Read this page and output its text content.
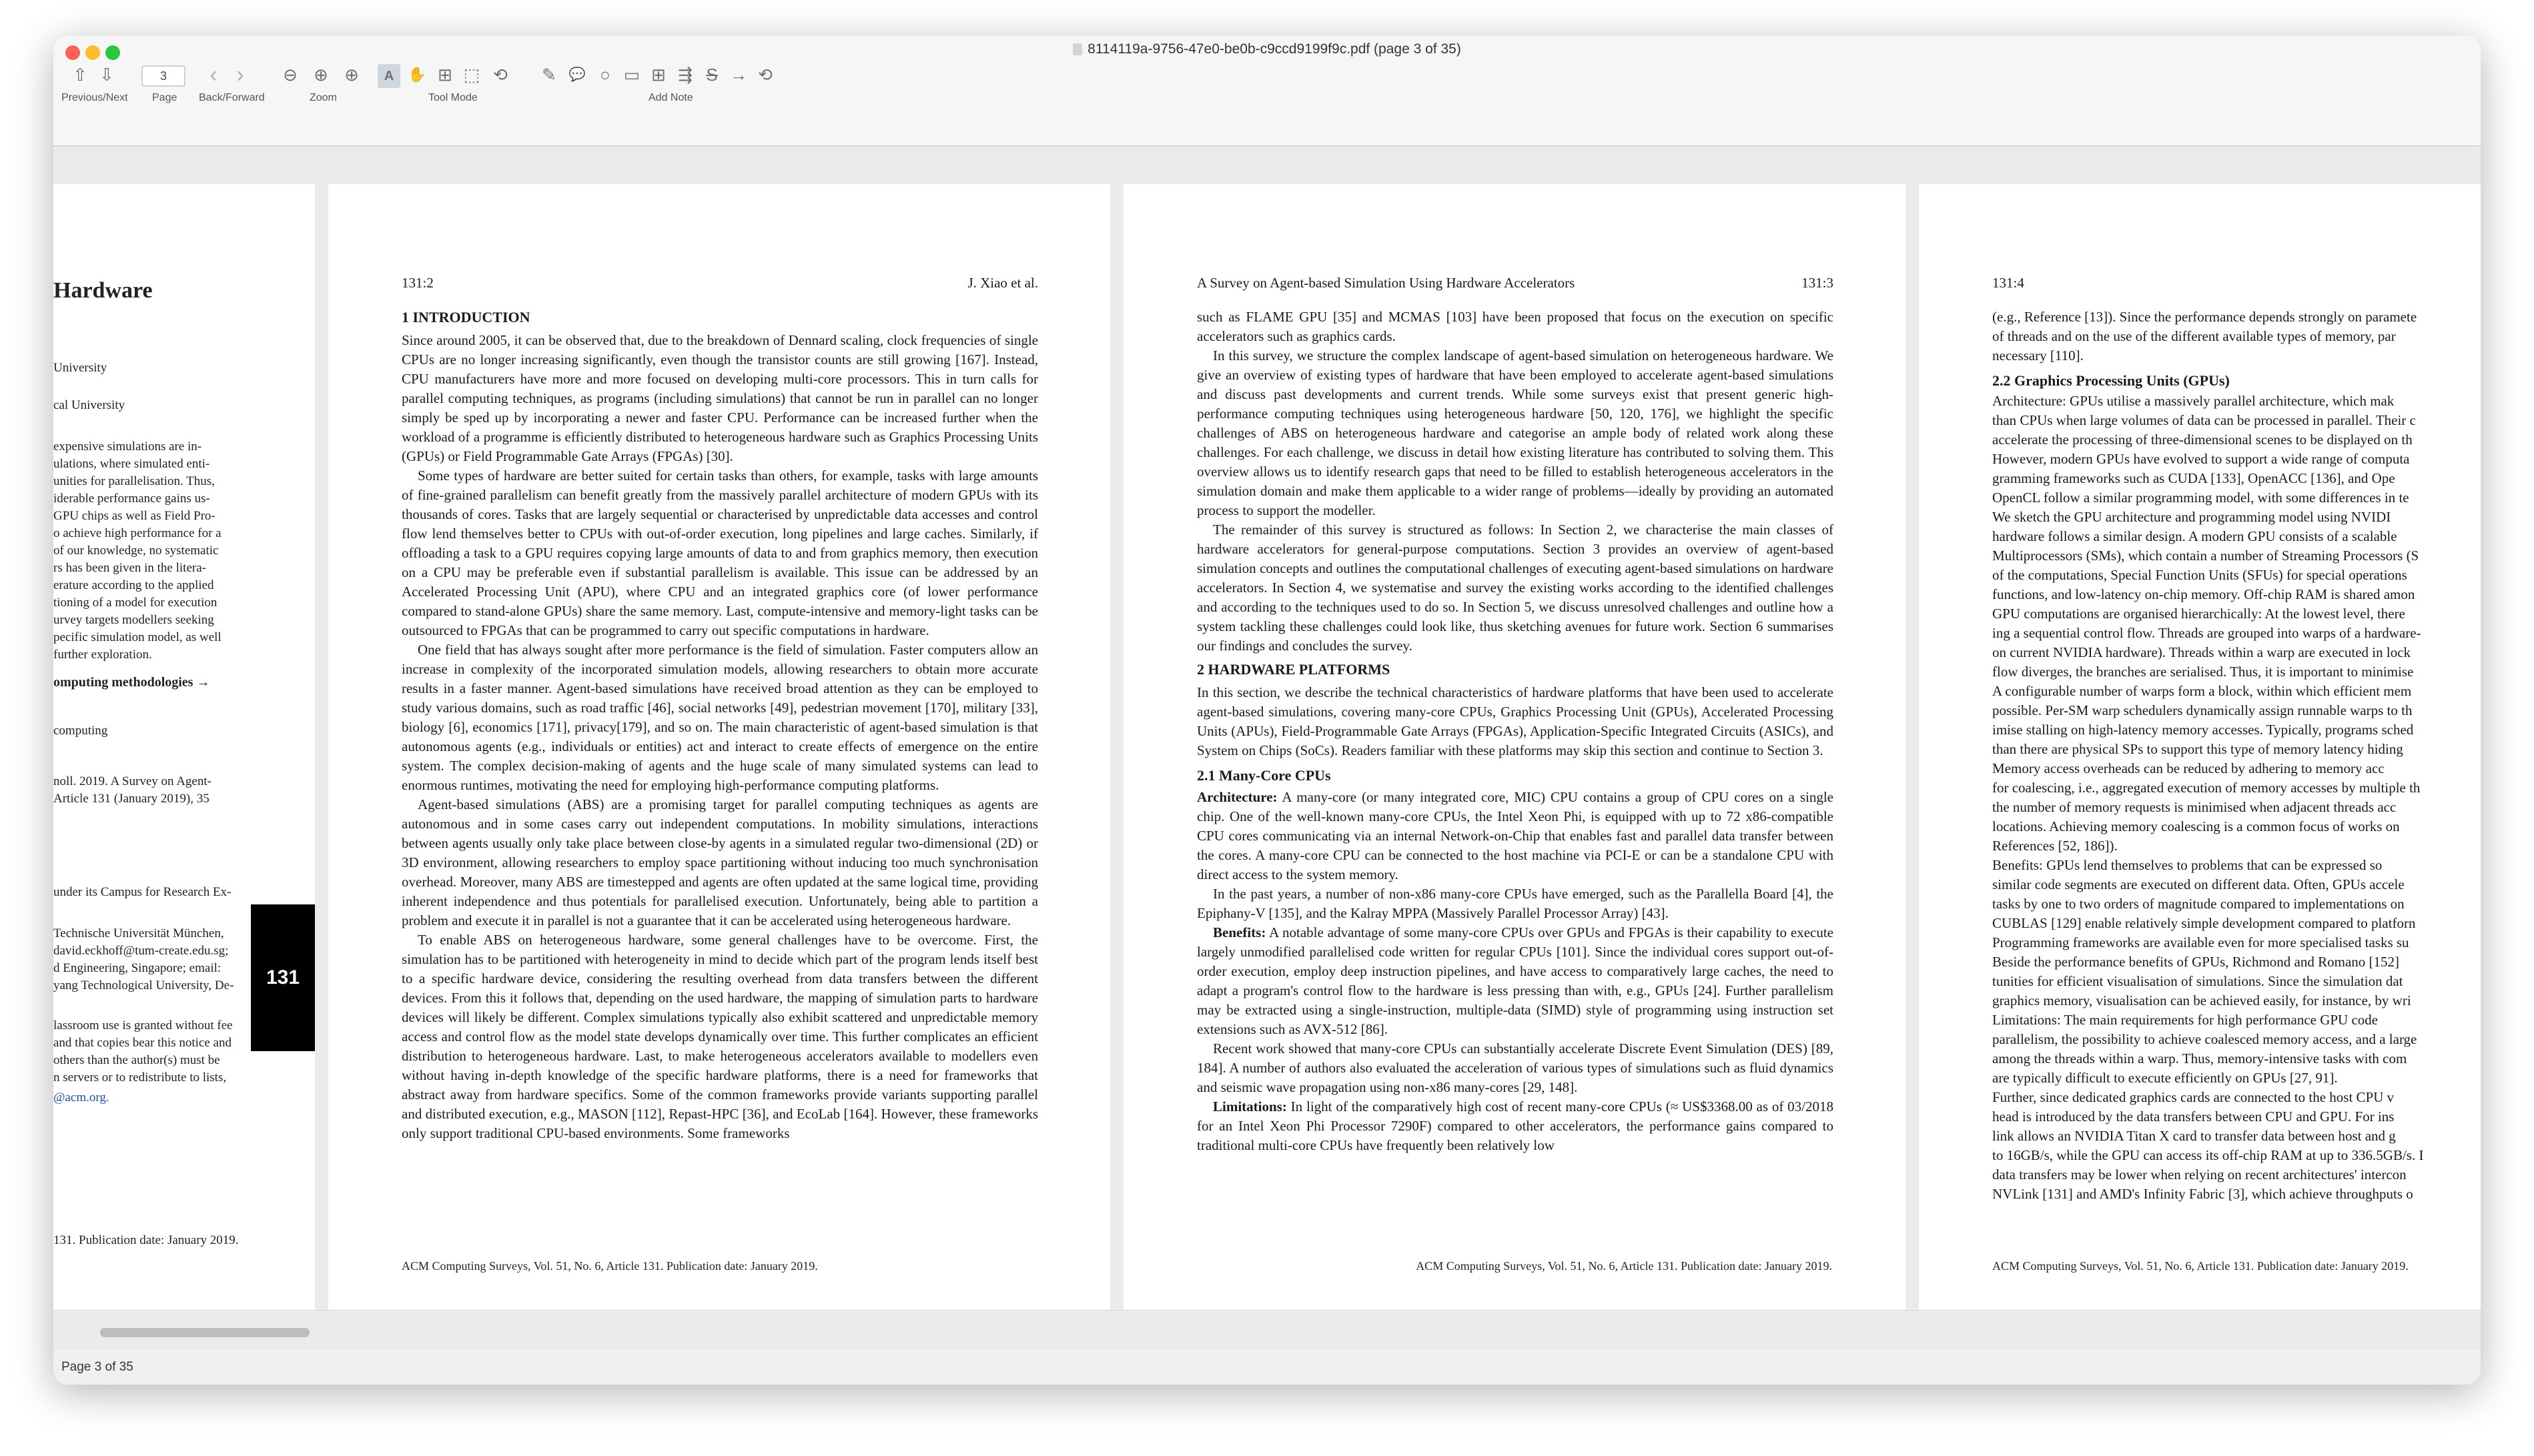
8114119a-9756-47e0-be0b-c9ccd9199f9c.pdf (page 3 of 35)
⇧ ⇩	3	‹ ›	⊖ ⊕ ⊕	A ✋ ⊞ ⬚ ⟲ ✎ 💬 ○ ▭ ⊞ ⇶ S → ⟲
Previous/Next Page Back/Forward	Zoom	Tool Mode	Add Note
Hardware
University
cal University
expensive simulations are in-
ulations, where simulated enti-
unities for parallelisation. Thus,
iderable performance gains us-
GPU chips as well as Field Pro-
o achieve high performance for a
of our knowledge, no systematic
rs has been given in the litera-
erature according to the applied
tioning of a model for execution
urvey targets modellers seeking
pecific simulation model, as well
further exploration.
omputing methodologies →
computing
noll. 2019. A Survey on Agent-
Article 131 (January 2019), 35
under its Campus for Research Ex-
Technische Universität München,
david.eckhoff@tum-create.edu.sg;
d Engineering, Singapore; email:
yang Technological University, De-
lassroom use is granted without fee
and that copies bear this notice and
others than the author(s) must be
n servers or to redistribute to lists,
@acm.org.
131. Publication date: January 2019.
131
131:2	J. Xiao et al.
1 INTRODUCTION

Since around 2005, it can be observed that, due to the breakdown of Dennard scaling, clock frequencies of single CPUs are no longer increasing significantly, even though the transistor counts are still growing [167]. Instead, CPU manufacturers have more and more focused on developing multi-core processors. This in turn calls for parallel computing techniques, as programs (including simulations) that cannot be run in parallel can no longer simply be sped up by incorporating a newer and faster CPU. Performance can be increased further when the workload of a programme is efficiently distributed to heterogeneous hardware such as Graphics Processing Units (GPUs) or Field Programmable Gate Arrays (FPGAs) [30].

Some types of hardware are better suited for certain tasks than others, for example, tasks with large amounts of fine-grained parallelism can benefit greatly from the massively parallel architecture of modern GPUs with its thousands of cores. Tasks that are largely sequential or characterised by unpredictable data accesses and control flow lend themselves better to CPUs with out-of-order execution, long pipelines and large caches. Similarly, if offloading a task to a GPU requires copying large amounts of data to and from graphics memory, then execution on a CPU may be preferable even if substantial parallelism is available. This issue can be addressed by an Accelerated Processing Unit (APU), where CPU and an integrated graphics core (of lower performance compared to stand-alone GPUs) share the same memory. Last, compute-intensive and memory-light tasks can be outsourced to FPGAs that can be programmed to carry out specific computations in hardware.

One field that has always sought after more performance is the field of simulation. Faster computers allow an increase in complexity of the incorporated simulation models, allowing researchers to obtain more accurate results in a faster manner. Agent-based simulations have received broad attention as they can be employed to study various domains, such as road traffic [46], social networks [49], pedestrian movement [170], military [33], biology [6], economics [171], privacy[179], and so on. The main characteristic of agent-based simulation is that autonomous agents (e.g., individuals or entities) act and interact to create effects of emergence on the entire system. The complex decision-making of agents and the huge scale of many simulated systems can lead to enormous runtimes, motivating the need for employing high-performance computing platforms.

Agent-based simulations (ABS) are a promising target for parallel computing techniques as agents are autonomous and in some cases carry out independent computations. In mobility simulations, interactions between agents usually only take place between close-by agents in a simulated regular two-dimensional (2D) or 3D environment, allowing researchers to employ space partitioning without inducing too much synchronisation overhead. Moreover, many ABS are timestepped and agents are often updated at the same logical time, providing inherent independence and thus potentials for parallelised execution. Unfortunately, being able to partition a problem and execute it in parallel is not a guarantee that it can be accelerated using heterogeneous hardware.

To enable ABS on heterogeneous hardware, some general challenges have to be overcome. First, the simulation has to be partitioned with heterogeneity in mind to decide which part of the program lends itself best to a specific hardware device, considering the resulting overhead from data transfers between the different devices. From this it follows that, depending on the used hardware, the mapping of simulation parts to hardware devices will likely be different. Complex simulations typically also exhibit scattered and unpredictable memory access and control flow as the model state develops dynamically over time. This further complicates an efficient distribution to heterogeneous hardware. Last, to make heterogeneous accelerators available to modellers even without having in-depth knowledge of the specific hardware platforms, there is a need for frameworks that abstract away from hardware specifics. Some of the common frameworks provide variants supporting parallel and distributed execution, e.g., MASON [112], Repast-HPC [36], and EcoLab [164]. However, these frameworks only support traditional CPU-based environments. Some frameworks

ACM Computing Surveys, Vol. 51, No. 6, Article 131. Publication date: January 2019.
A Survey on Agent-based Simulation Using Hardware Accelerators	131:3

such as FLAME GPU [35] and MCMAS [103] have been proposed that focus on the execution on specific accelerators such as graphics cards.

In this survey, we structure the complex landscape of agent-based simulation on heterogeneous hardware. We give an overview of existing types of hardware that have been employed to accelerate agent-based simulations and discuss past developments and current trends. While some surveys exist that present generic high-performance computing techniques using heterogeneous hardware [50, 120, 176], we highlight the specific challenges of ABS on heterogeneous hardware and categorise an ample body of related work along these challenges. For each challenge, we discuss in detail how existing literature has contributed to solving them. This overview allows us to identify research gaps that need to be filled to establish heterogeneous accelerators in the simulation domain and make them applicable to a wider range of problems—ideally by providing an automated process to support the modeller.

The remainder of this survey is structured as follows: In Section 2, we characterise the main classes of hardware accelerators for general-purpose computations. Section 3 provides an overview of agent-based simulation concepts and outlines the computational challenges of executing agent-based simulations on hardware accelerators. In Section 4, we systematise and survey the existing works according to the identified challenges and according to the techniques used to do so. In Section 5, we discuss unresolved challenges and outline how a system tackling these challenges could look like, thus sketching avenues for future work. Section 6 summarises our findings and concludes the survey.

2 HARDWARE PLATFORMS

In this section, we describe the technical characteristics of hardware platforms that have been used to accelerate agent-based simulations, covering many-core CPUs, Graphics Processing Unit (GPUs), Accelerated Processing Units (APUs), Field-Programmable Gate Arrays (FPGAs), Application-Specific Integrated Circuits (ASICs), and System on Chips (SoCs). Readers familiar with these platforms may skip this section and continue to Section 3.

2.1 Many-Core CPUs

Architecture: A many-core (or many integrated core, MIC) CPU contains a group of CPU cores on a single chip. One of the well-known many-core CPUs, the Intel Xeon Phi, is equipped with up to 72 x86-compatible CPU cores communicating via an internal Network-on-Chip that enables fast and parallel data transfer between the cores. A many-core CPU can be connected to the host machine via PCI-E or can be a standalone CPU with direct access to the system memory.

In the past years, a number of non-x86 many-core CPUs have emerged, such as the Parallella Board [4], the Epiphany-V [135], and the Kalray MPPA (Massively Parallel Processor Array) [43].

Benefits: A notable advantage of some many-core CPUs over GPUs and FPGAs is their capability to execute largely unmodified parallelised code written for regular CPUs [101]. Since the individual cores support out-of-order execution, employ deep instruction pipelines, and have access to comparatively large caches, the need to adapt a program's control flow to the hardware is less pressing than with, e.g., GPUs [24]. Further parallelism may be extracted using a single-instruction, multiple-data (SIMD) style of programming using instruction set extensions such as AVX-512 [86].

Recent work showed that many-core CPUs can substantially accelerate Discrete Event Simulation (DES) [89, 184]. A number of authors also evaluated the acceleration of various types of simulations such as fluid dynamics and seismic wave propagation using non-x86 many-cores [29, 148].

Limitations: In light of the comparatively high cost of recent many-core CPUs (≈ US$3368.00 as of 03/2018 for an Intel Xeon Phi Processor 7290F) compared to other accelerators, the performance gains compared to traditional multi-core CPUs have frequently been relatively low

ACM Computing Surveys, Vol. 51, No. 6, Article 131. Publication date: January 2019.
131:4
(e.g., Reference [13]). Since the performance depends strongly on paramete
of threads and on the use of the different available types of memory, par
necessary [110].
2.2 Graphics Processing Units (GPUs)
Architecture: GPUs utilise a massively parallel architecture, which mak
than CPUs when large volumes of data can be processed in parallel. Their c
accelerate the processing of three-dimensional scenes to be displayed on th
However, modern GPUs have evolved to support a wide range of computa
gramming frameworks such as CUDA [133], OpenACC [136], and Ope
OpenCL follow a similar programming model, with some differences in te
We sketch the GPU architecture and programming model using NVIDI
hardware follows a similar design. A modern GPU consists of a scalable
Multiprocessors (SMs), which contain a number of Streaming Processors (S
of the computations, Special Function Units (SFUs) for special operations
functions, and low-latency on-chip memory. Off-chip RAM is shared amon
GPU computations are organised hierarchically: At the lowest level, there
ing a sequential control flow. Threads are grouped into warps of a hardware-
on current NVIDIA hardware). Threads within a warp are executed in lock
flow diverges, the branches are serialised. Thus, it is important to minimise
A configurable number of warps form a block, within which efficient mem
possible. Per-SM warp schedulers dynamically assign runnable warps to th
imise stalling on high-latency memory accesses. Typically, programs sched
than there are physical SPs to support this type of memory latency hiding
Memory access overheads can be reduced by adhering to memory acc
for coalescing, i.e., aggregated execution of memory accesses by multiple th
the number of memory requests is minimised when adjacent threads acc
locations. Achieving memory coalescing is a common focus of works on
References [52, 186]).
Benefits: GPUs lend themselves to problems that can be expressed so
similar code segments are executed on different data. Often, GPUs accele
tasks by one to two orders of magnitude compared to implementations on
CUBLAS [129] enable relatively simple development compared to platforn
Programming frameworks are available even for more specialised tasks su
Beside the performance benefits of GPUs, Richmond and Romano [152]
tunities for efficient visualisation of simulations. Since the simulation dat
graphics memory, visualisation can be achieved easily, for instance, by wri
Limitations: The main requirements for high performance GPU code
parallelism, the possibility to achieve coalesced memory access, and a large
among the threads within a warp. Thus, memory-intensive tasks with com
are typically difficult to execute efficiently on GPUs [27, 91].
Further, since dedicated graphics cards are connected to the host CPU v
head is introduced by the data transfers between CPU and GPU. For ins
link allows an NVIDIA Titan X card to transfer data between host and g
to 16GB/s, while the GPU can access its off-chip RAM at up to 336.5GB/s. I
data transfers may be lower when relying on recent architectures' intercon
NVLink [131] and AMD's Infinity Fabric [3], which achieve throughputs o
ACM Computing Surveys, Vol. 51, No. 6, Article 131. Publication date: January 2019.
Page 3 of 35
